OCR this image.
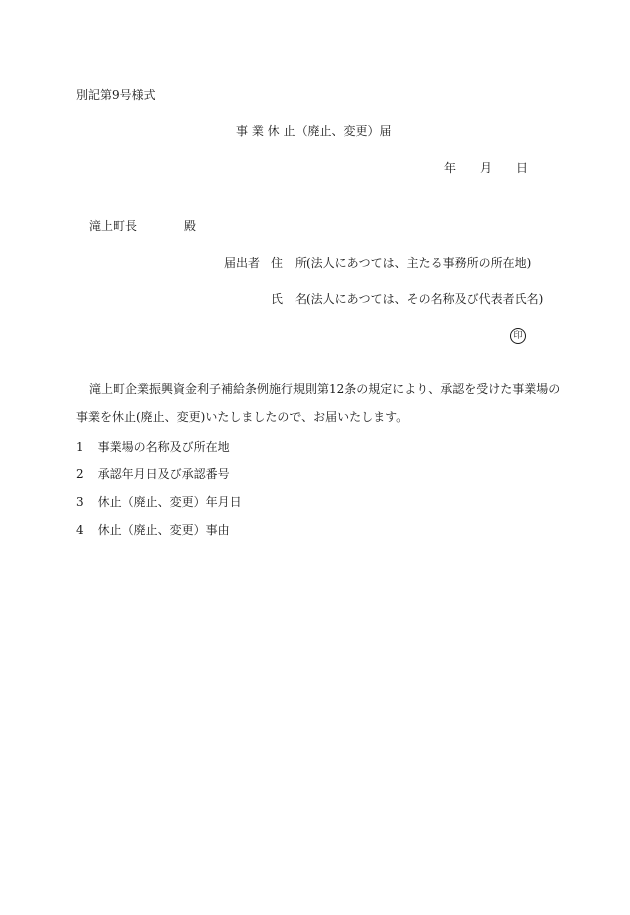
別記第9号様式
事 業 休 止（廃止、変更）届
年 月 日
滝上町長	殿
届出者 住　所
(法人にあつては、主たる事務所の所在地)
氏　名
(法人にあつては、その名称及び代表者氏名)
印
滝上町企業振興資金利子補給条例施行規則第12条の規定により、承認を受けた事業場の
事業を休止(廃止、変更)いたしましたので、お届いたします。
1 事業場の名称及び所在地
2 承認年月日及び承認番号
3 休止（廃止、変更）年月日
4 休止（廃止、変更）事由
